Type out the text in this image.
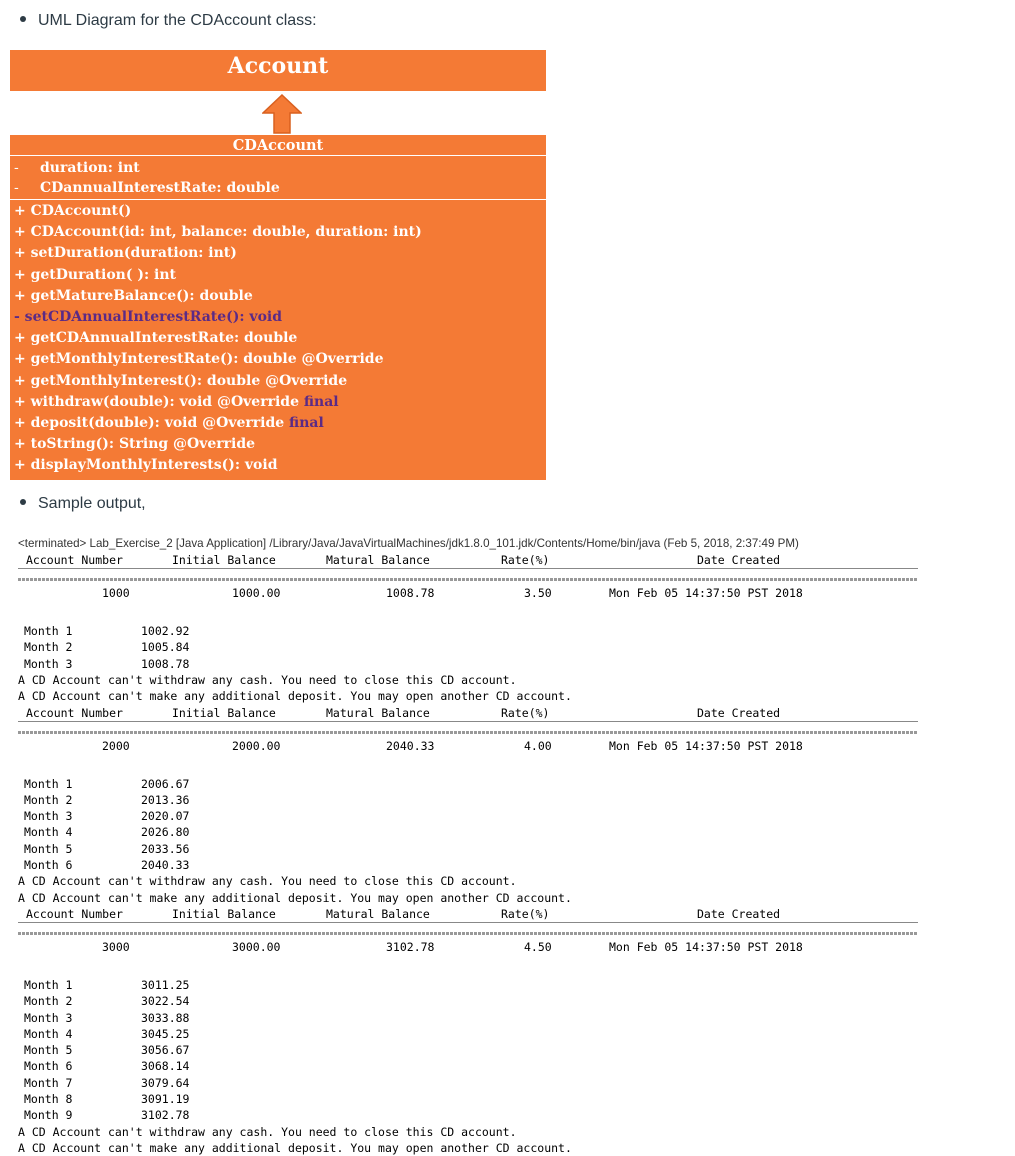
UML Diagram for the CDAccount class:
Account
CDAccount
- duration: int
- CDannualInterestRate: double
+ CDAccount()
+ CDAccount(id: int, balance: double, duration: int)
+ setDuration(duration: int)
+ getDuration( ): int
+ getMatureBalance(): double
- setCDAnnualInterestRate(): void
+ getCDAnnualInterestRate: double
+ getMonthlyInterestRate(): double @Override
+ getMonthlyInterest(): double @Override
+ withdraw(double): void @Override final
+ deposit(double): void @Override final
+ toString(): String @Override
+ displayMonthlyInterests(): void
Sample output,
<terminated> Lab_Exercise_2 [Java Application] /Library/Java/JavaVirtualMachines/jdk1.8.0_101.jdk/Contents/Home/bin/java (Feb 5, 2018, 2:37:49 PM)
Account Number	Initial Balance	Matural Balance	Rate(%)	Date Created
1000	1000.00	1008.78	3.50	Mon Feb 05 14:37:50 PST 2018
Month 1	1002.92
Month 2	1005.84
Month 3	1008.78
A CD Account can't withdraw any cash. You need to close this CD account.
A CD Account can't make any additional deposit. You may open another CD account.
Account Number	Initial Balance	Matural Balance	Rate(%)	Date Created
2000	2000.00	2040.33	4.00	Mon Feb 05 14:37:50 PST 2018
Month 1	2006.67
Month 2	2013.36
Month 3	2020.07
Month 4	2026.80
Month 5	2033.56
Month 6	2040.33
A CD Account can't withdraw any cash. You need to close this CD account.
A CD Account can't make any additional deposit. You may open another CD account.
Account Number	Initial Balance	Matural Balance	Rate(%)	Date Created
3000	3000.00	3102.78	4.50	Mon Feb 05 14:37:50 PST 2018
Month 1	3011.25
Month 2	3022.54
Month 3	3033.88
Month 4	3045.25
Month 5	3056.67
Month 6	3068.14
Month 7	3079.64
Month 8	3091.19
Month 9	3102.78
A CD Account can't withdraw any cash. You need to close this CD account.
A CD Account can't make any additional deposit. You may open another CD account.
